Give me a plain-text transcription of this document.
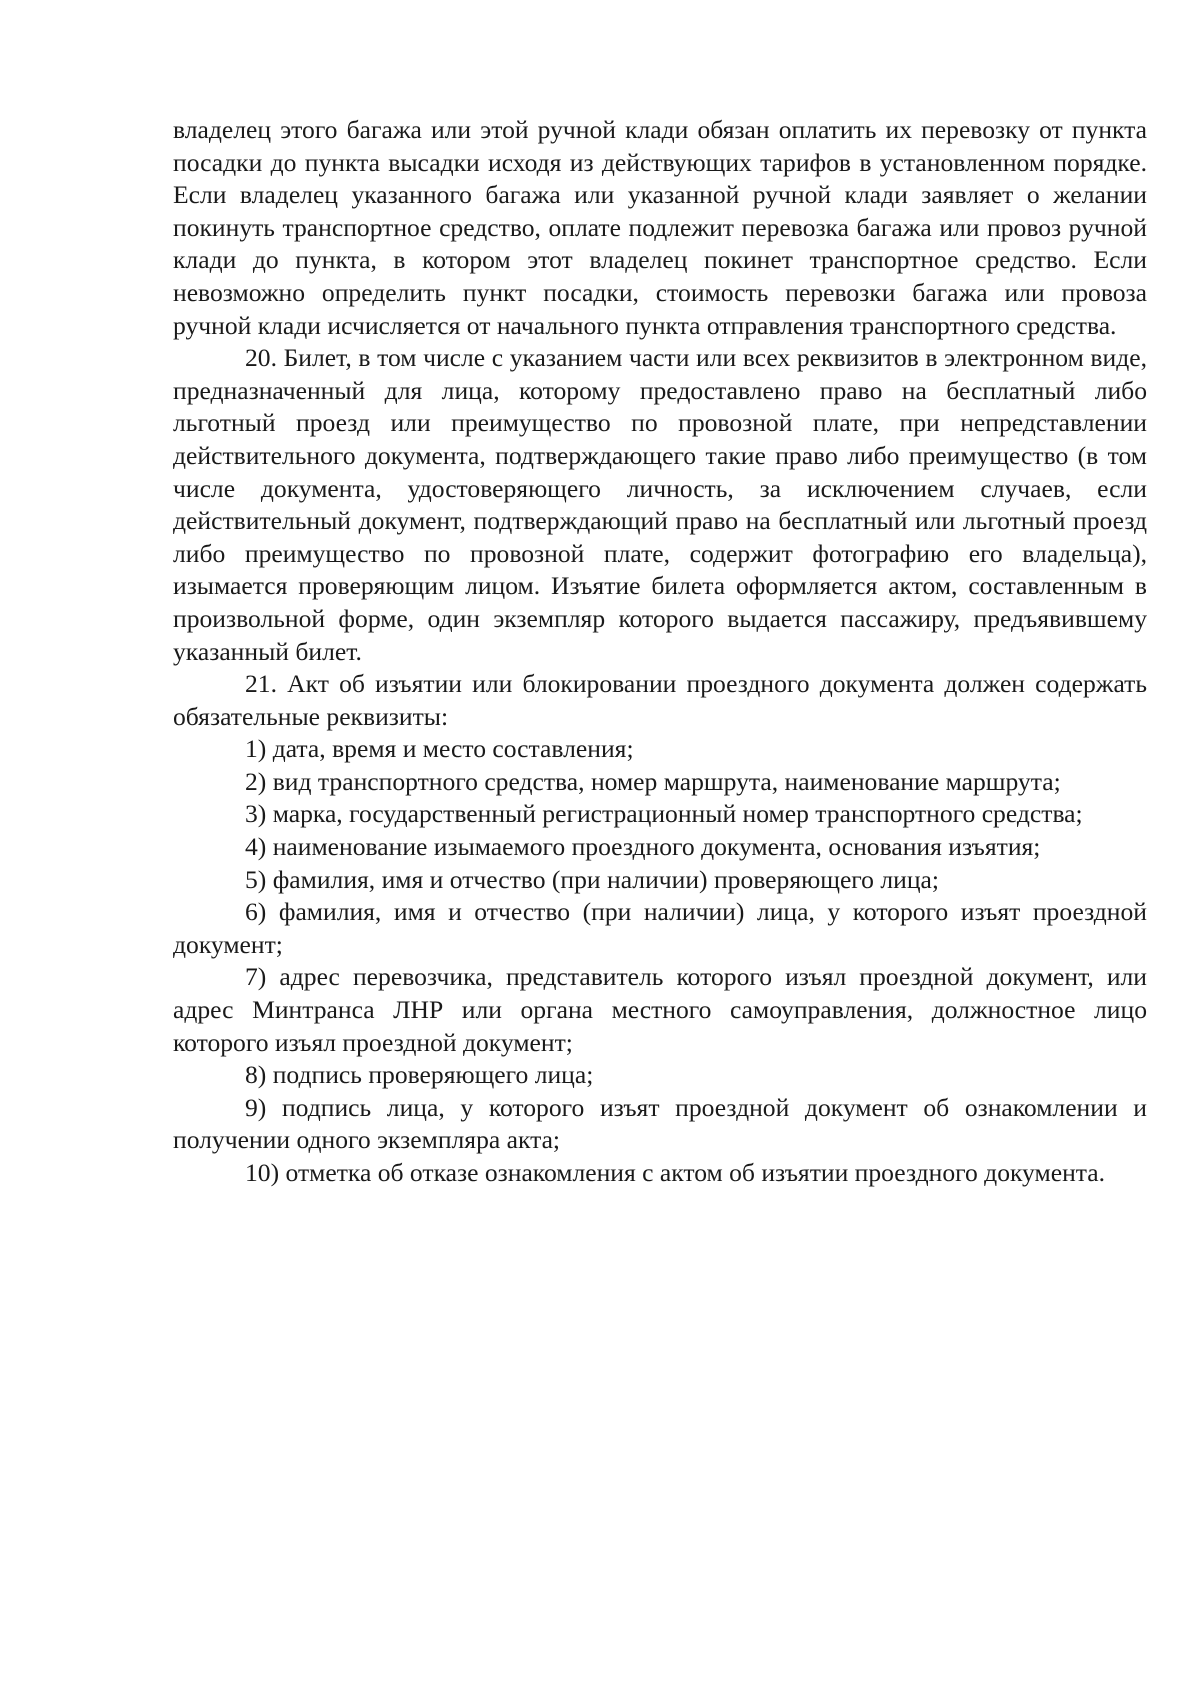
владелец этого багажа или этой ручной клади обязан оплатить их перевозку от пункта посадки до пункта высадки исходя из действующих тарифов в установленном порядке. Если владелец указанного багажа или указанной ручной клади заявляет о желании покинуть транспортное средство, оплате подлежит перевозка багажа или провоз ручной клади до пункта, в котором этот владелец покинет транспортное средство. Если невозможно определить пункт посадки, стоимость перевозки багажа или провоза ручной клади исчисляется от начального пункта отправления транспортного средства.

20. Билет, в том числе с указанием части или всех реквизитов в электронном виде, предназначенный для лица, которому предоставлено право на бесплатный либо льготный проезд или преимущество по провозной плате, при непредставлении действительного документа, подтверждающего такие право либо преимущество (в том числе документа, удостоверяющего личность, за исключением случаев, если действительный документ, подтверждающий право на бесплатный или льготный проезд либо преимущество по провозной плате, содержит фотографию его владельца), изымается проверяющим лицом. Изъятие билета оформляется актом, составленным в произвольной форме, один экземпляр которого выдается пассажиру, предъявившему указанный билет.

21. Акт об изъятии или блокировании проездного документа должен содержать обязательные реквизиты:

1) дата, время и место составления;

2) вид транспортного средства, номер маршрута, наименование маршрута;

3) марка, государственный регистрационный номер транспортного средства;

4) наименование изымаемого проездного документа, основания изъятия;

5) фамилия, имя и отчество (при наличии) проверяющего лица;

6) фамилия, имя и отчество (при наличии) лица, у которого изъят проездной документ;

7) адрес перевозчика, представитель которого изъял проездной документ, или адрес Минтранса ЛНР или органа местного самоуправления, должностное лицо которого изъял проездной документ;

8) подпись проверяющего лица;

9) подпись лица, у которого изъят проездной документ об ознакомлении и получении одного экземпляра акта;

10) отметка об отказе ознакомления с актом об изъятии проездного документа.
